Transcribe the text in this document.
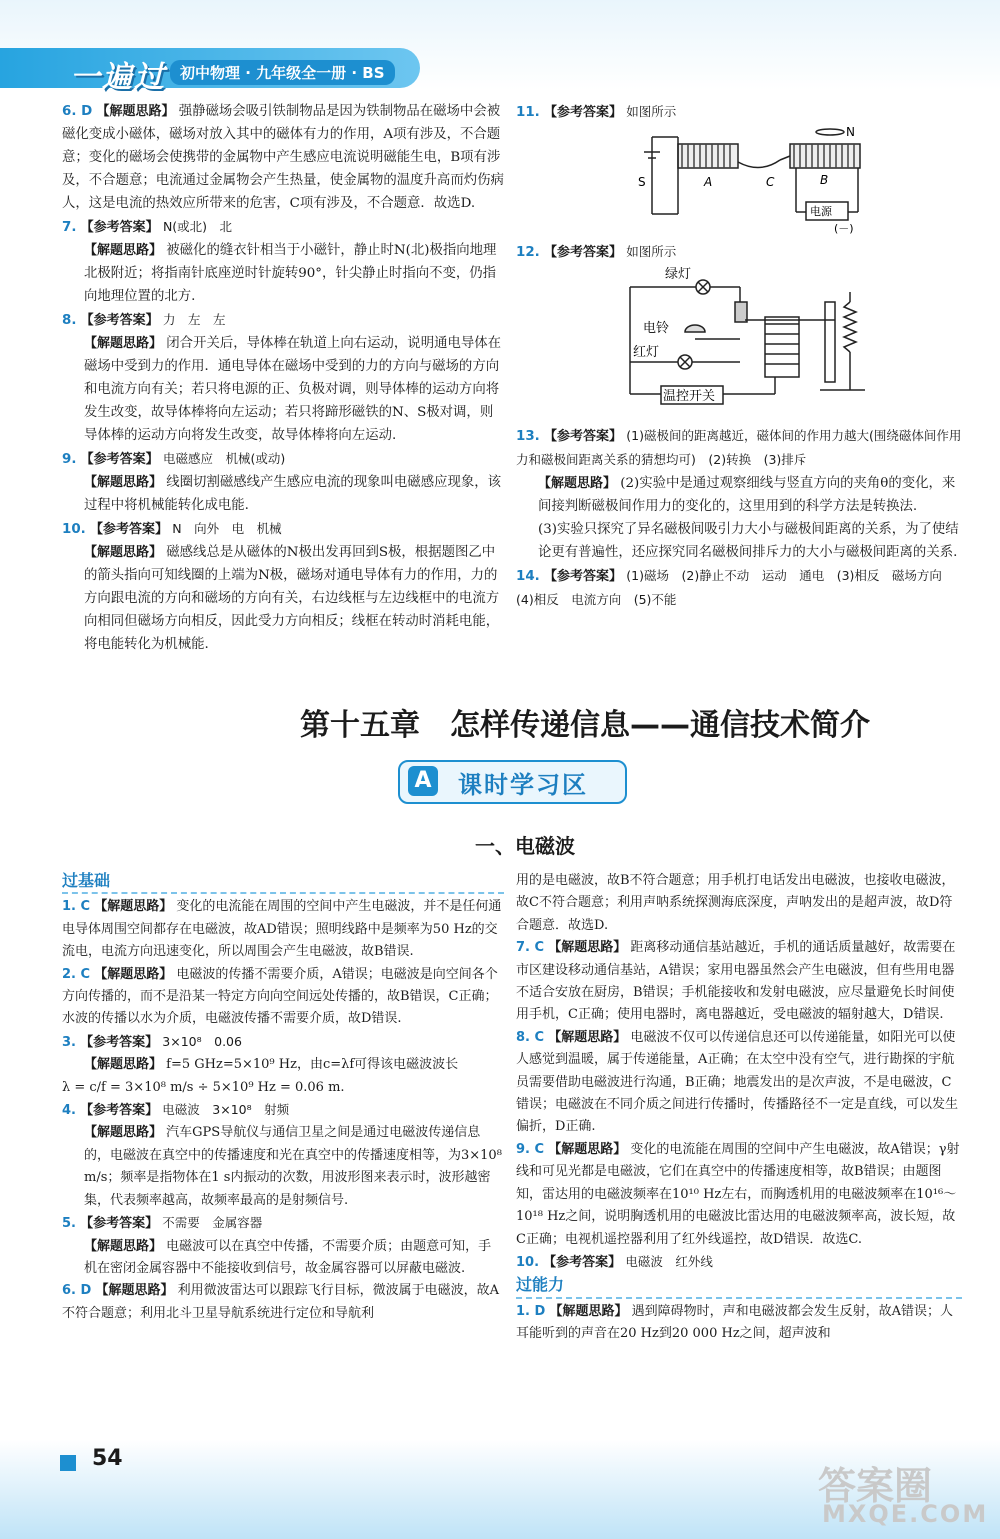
一遍过 初中物理 · 九年级全一册 · BS

6. D 【解题思路】 强静磁场会吸引铁制物品是因为铁制物品在磁场中会被磁化变成小磁体，磁场对放入其中的磁体有力的作用，A项有涉及，不合题意；变化的磁场会使携带的金属物中产生感应电流说明磁能生电，B项有涉及，不合题意；电流通过金属物会产生热量，使金属物的温度升高而灼伤病人，这是电流的热效应所带来的危害，C项有涉及，不合题意．故选D.

7. 【参考答案】 N(或北)　北

【解题思路】 被磁化的缝衣针相当于小磁针，静止时N(北)极指向地理北极附近；将指南针底座逆时针旋转90°，针尖静止时指向不变，仍指向地理位置的北方.

8. 【参考答案】 力　左　左

【解题思路】 闭合开关后，导体棒在轨道上向右运动，说明通电导体在磁场中受到力的作用．通电导体在磁场中受到的力的方向与磁场的方向和电流方向有关；若只将电源的正、负极对调，则导体棒的运动方向将发生改变，故导体棒将向左运动；若只将蹄形磁铁的N、S极对调，则导体棒的运动方向将发生改变，故导体棒将向左运动.

9. 【参考答案】 电磁感应　机械(或动)

【解题思路】 线圈切割磁感线产生感应电流的现象叫电磁感应现象，该过程中将机械能转化成电能.

10. 【参考答案】 N　向外　电　机械

【解题思路】 磁感线总是从磁体的N极出发再回到S极，根据题图乙中的箭头指向可知线圈的上端为N极，磁场对通电导体有力的作用，力的方向跟电流的方向和磁场的方向有关，右边线框与左边线框中的电流方向相同但磁场方向相反，因此受力方向相反；线框在转动时消耗电能，将电能转化为机械能.

11. 【参考答案】 如图所示

S	A	C	B
N
电源
(－)

12. 【参考答案】 如图所示

绿灯
电铃
红灯
温控开关

13. 【参考答案】 (1)磁极间的距离越近，磁体间的作用力越大(围绕磁体间作用力和磁极间距离关系的猜想均可)　(2)转换　(3)排斥

【解题思路】 (2)实验中是通过观察细线与竖直方向的夹角θ的变化，来间接判断磁极间作用力的变化的，这里用到的科学方法是转换法.

(3)实验只探究了异名磁极间吸引力大小与磁极间距离的关系，为了使结论更有普遍性，还应探究同名磁极间排斥力的大小与磁极间距离的关系.

14. 【参考答案】 (1)磁场　(2)静止不动　运动　通电　(3)相反　磁场方向　(4)相反　电流方向　(5)不能

第十五章　怎样传递信息——通信技术简介
A 课时学习区
一、电磁波
过基础

1. C 【解题思路】 变化的电流能在周围的空间中产生电磁波，并不是任何通电导体周围空间都存在电磁波，故AD错误；照明线路中是频率为50 Hz的交流电，电流方向迅速变化，所以周围会产生电磁波，故B错误.

2. C 【解题思路】 电磁波的传播不需要介质，A错误；电磁波是向空间各个方向传播的，而不是沿某一特定方向向空间远处传播的，故B错误，C正确；水波的传播以水为介质，电磁波传播不需要介质，故D错误.

3. 【参考答案】 3×10⁸　0.06

【解题思路】 f=5 GHz=5×10⁹ Hz，由c=λf可得该电磁波波长

λ = c/f = 3×10⁸ m/s ÷ 5×10⁹ Hz = 0.06 m.

4. 【参考答案】 电磁波　3×10⁸　射频

【解题思路】 汽车GPS导航仪与通信卫星之间是通过电磁波传递信息的，电磁波在真空中的传播速度和光在真空中的传播速度相等，为3×10⁸ m/s；频率是指物体在1 s内振动的次数，用波形图来表示时，波形越密集，代表频率越高，故频率最高的是射频信号.

5. 【参考答案】 不需要　金属容器

【解题思路】 电磁波可以在真空中传播，不需要介质；由题意可知，手机在密闭金属容器中不能接收到信号，故金属容器可以屏蔽电磁波.

6. D 【解题思路】 利用微波雷达可以跟踪飞行目标，微波属于电磁波，故A不符合题意；利用北斗卫星导航系统进行定位和导航利

用的是电磁波，故B不符合题意；用手机打电话发出电磁波，也接收电磁波，故C不符合题意；利用声呐系统探测海底深度，声呐发出的是超声波，故D符合题意．故选D.

7. C 【解题思路】 距离移动通信基站越近，手机的通话质量越好，故需要在市区建设移动通信基站，A错误；家用电器虽然会产生电磁波，但有些用电器不适合安放在厨房，B错误；手机能接收和发射电磁波，应尽量避免长时间使用手机，C正确；使用电器时，离电器越近，受电磁波的辐射越大，D错误.

8. C 【解题思路】 电磁波不仅可以传递信息还可以传递能量，如阳光可以使人感觉到温暖，属于传递能量，A正确；在太空中没有空气，进行勘探的宇航员需要借助电磁波进行沟通，B正确；地震发出的是次声波，不是电磁波，C错误；电磁波在不同介质之间进行传播时，传播路径不一定是直线，可以发生偏折，D正确.

9. C 【解题思路】 变化的电流能在周围的空间中产生电磁波，故A错误；γ射线和可见光都是电磁波，它们在真空中的传播速度相等，故B错误；由题图知，雷达用的电磁波频率在10¹⁰ Hz左右，而胸透机用的电磁波频率在10¹⁶～10¹⁸ Hz之间，说明胸透机用的电磁波比雷达用的电磁波频率高，波长短，故C正确；电视机遥控器利用了红外线遥控，故D错误．故选C.

10. 【参考答案】 电磁波　红外线

过能力

1. D 【解题思路】 遇到障碍物时，声和电磁波都会发生反射，故A错误；人耳能听到的声音在20 Hz到20 000 Hz之间，超声波和

54
答案圈
MXQE.COM
